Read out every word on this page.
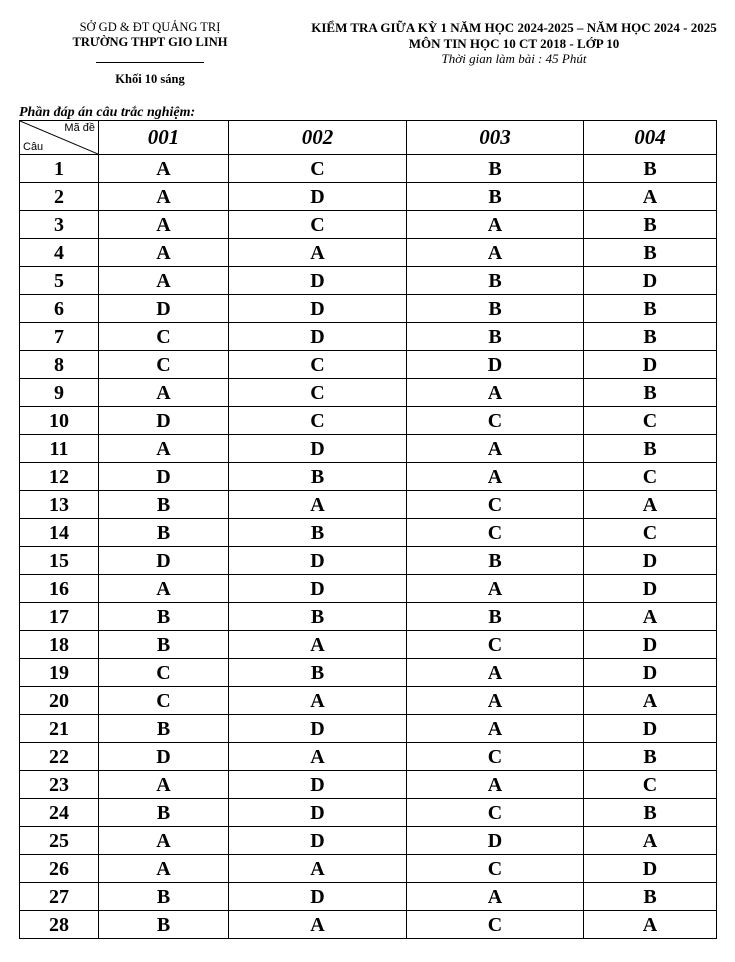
SỞ GD & ĐT QUẢNG TRỊ
TRƯỜNG THPT GIO LINH
Khối 10 sáng
KIỂM TRA GIỮA KỲ 1 NĂM HỌC 2024-2025 – NĂM HỌC 2024 - 2025
MÔN TIN HỌC 10 CT 2018 - LỚP 10
Thời gian làm bài : 45 Phút
Phần đáp án câu trắc nghiệm:
Mã đề
Câu	001	002	003	004
1	A	C	B	B
2	A	D	B	A
3	A	C	A	B
4	A	A	A	B
5	A	D	B	D
6	D	D	B	B
7	C	D	B	B
8	C	C	D	D
9	A	C	A	B
10	D	C	C	C
11	A	D	A	B
12	D	B	A	C
13	B	A	C	A
14	B	B	C	C
15	D	D	B	D
16	A	D	A	D
17	B	B	B	A
18	B	A	C	D
19	C	B	A	D
20	C	A	A	A
21	B	D	A	D
22	D	A	C	B
23	A	D	A	C
24	B	D	C	B
25	A	D	D	A
26	A	A	C	D
27	B	D	A	B
28	B	A	C	A
